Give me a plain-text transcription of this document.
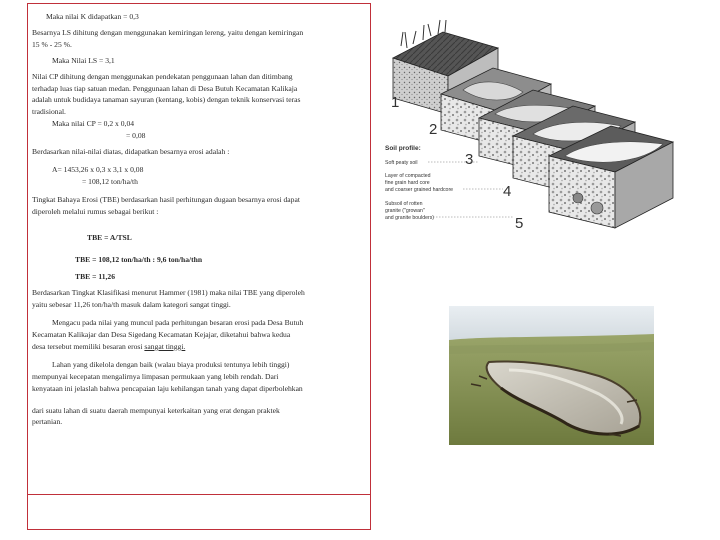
Maka nilai K didapatkan = 0,3
Besarnya LS dihitung dengan menggunakan kemiringan lereng, yaitu dengan kemiringan
15 % - 25 %.
Maka Nilai LS = 3,1
Nilai CP dihitung dengan menggunakan pendekatan penggunaan lahan dan ditimbang
terhadap luas tiap satuan medan. Penggunaan lahan di Desa Butuh Kecamatan Kalikaja
adalah untuk budidaya tanaman sayuran (kentang, kobis) dengan teknik konservasi teras
tradisional.
Maka nilai CP = 0,2 x 0,04
= 0,08
Berdasarkan nilai-nilai diatas, didapatkan besarnya erosi adalah :
A= 1453,26 x 0,3 x 3,1 x 0,08
= 108,12 ton/ha/th
Tingkat Bahaya Erosi (TBE) berdasarkan hasil perhitungan dugaan besarnya erosi dapat
diperoleh melalui rumus sebagai berikut :
TBE = A/TSL
TBE = 108,12 ton/ha/th : 9,6 ton/ha/thn
TBE = 11,26
Berdasarkan Tingkat Klasifikasi menurut Hammer (1981) maka nilai TBE yang diperoleh
yaitu sebesar 11,26 ton/ha/th masuk dalam kategori sangat tinggi.
Mengacu pada nilai yang muncul pada perhitungan besaran erosi pada Desa Butuh
Kecamatan Kalikajar dan Desa Sigedang Kecamatan Kejajar, diketahui bahwa kedua
desa tersebut memiliki besaran erosi sangat tinggi.
Lahan yang dikelola dengan baik (walau biaya produksi tentunya lebih tinggi)
mempunyai kecepatan mengalirnya limpasan permukaan yang lebih rendah. Dari
kenyataan ini jelaslah bahwa pencapaian laju kehilangan tanah yang dapat diperbolehkan
dari suatu lahan di suatu daerah mempunyai keterkaitan yang erat dengan praktek
pertanian.
1
2
3
4
5
Soil profile:
Soft peaty soil
Layer of compacted
fine grain hard core
and coarser grained hardcore
Subsoil of rotten
granite ("growan"
and granite boulders)
